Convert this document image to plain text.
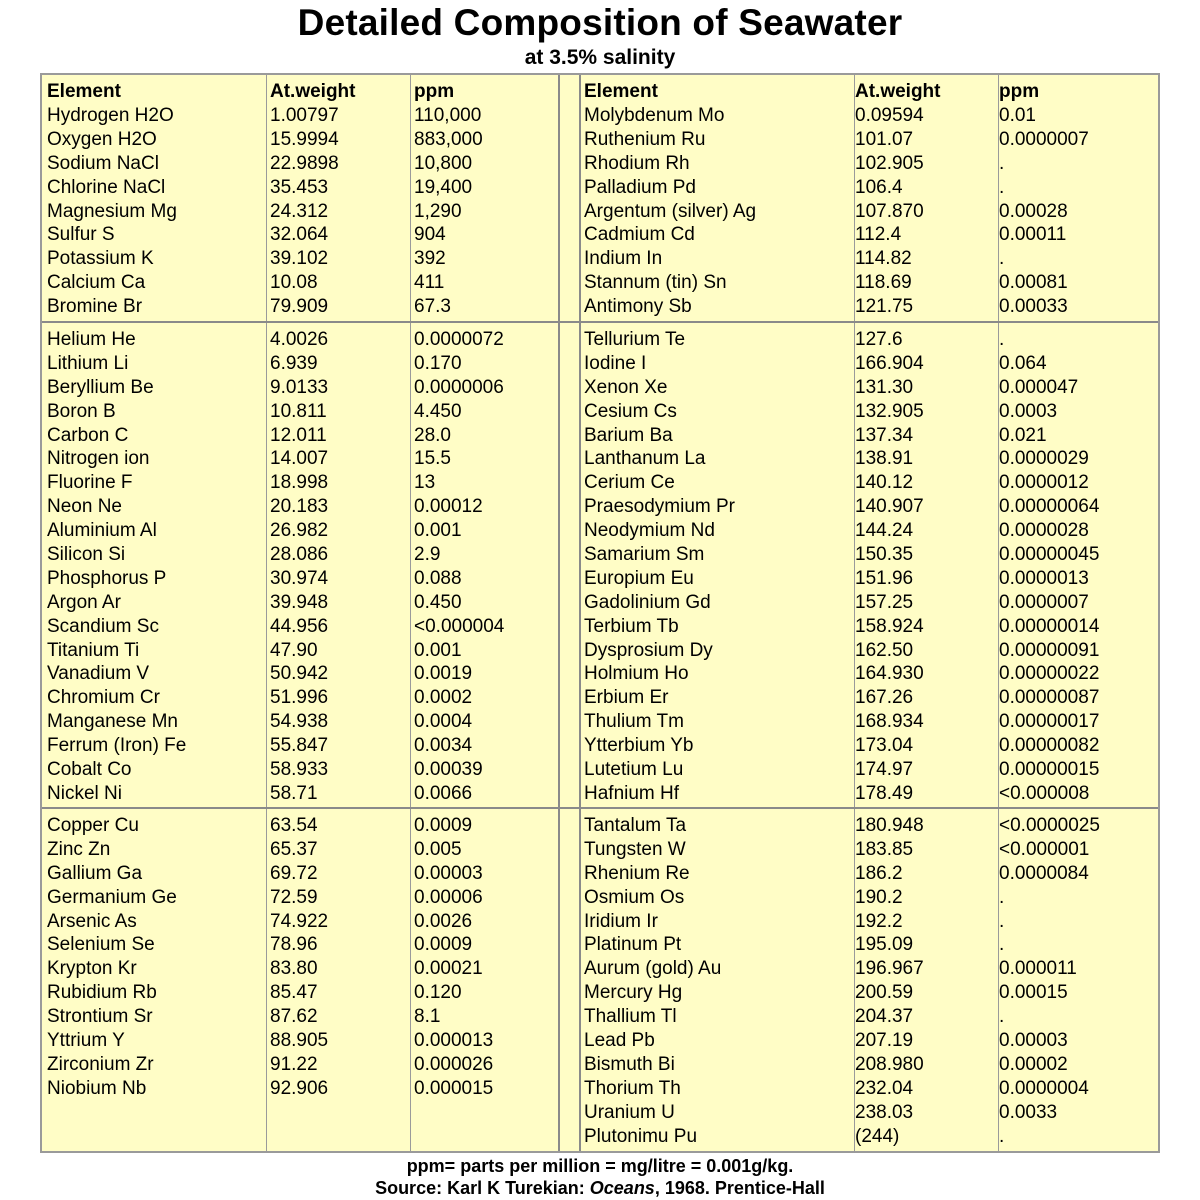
Detailed Composition of Seawater
at 3.5% salinity
Element	At.weight	ppm
Hydrogen H2O	1.00797	110,000
Oxygen H2O	15.9994	883,000
Sodium NaCl	22.9898	10,800
Chlorine NaCl	35.453	19,400
Magnesium Mg	24.312	1,290
Sulfur S	32.064	904
Potassium K	39.102	392
Calcium Ca	10.08	411
Bromine Br	79.909	67.3
Helium He	4.0026	0.0000072
Lithium Li	6.939	0.170
Beryllium Be	9.0133	0.0000006
Boron B	10.811	4.450
Carbon C	12.011	28.0
Nitrogen ion	14.007	15.5
Fluorine F	18.998	13
Neon Ne	20.183	0.00012
Aluminium Al	26.982	0.001
Silicon Si	28.086	2.9
Phosphorus P	30.974	0.088
Argon Ar	39.948	0.450
Scandium Sc	44.956	<0.000004
Titanium Ti	47.90	0.001
Vanadium V	50.942	0.0019
Chromium Cr	51.996	0.0002
Manganese Mn	54.938	0.0004
Ferrum (Iron) Fe	55.847	0.0034
Cobalt Co	58.933	0.00039
Nickel Ni	58.71	0.0066
Copper Cu	63.54	0.0009
Zinc Zn	65.37	0.005
Gallium Ga	69.72	0.00003
Germanium Ge	72.59	0.00006
Arsenic As	74.922	0.0026
Selenium Se	78.96	0.0009
Krypton Kr	83.80	0.00021
Rubidium Rb	85.47	0.120
Strontium Sr	87.62	8.1
Yttrium Y	88.905	0.000013
Zirconium Zr	91.22	0.000026
Niobium Nb	92.906	0.000015
Element	At.weight	ppm
Molybdenum Mo	0.09594	0.01
Ruthenium Ru	101.07	0.0000007
Rhodium Rh	102.905	.
Palladium Pd	106.4	.
Argentum (silver) Ag	107.870	0.00028
Cadmium Cd	112.4	0.00011
Indium In	114.82	.
Stannum (tin) Sn	118.69	0.00081
Antimony Sb	121.75	0.00033
Tellurium Te	127.6	.
Iodine I	166.904	0.064
Xenon Xe	131.30	0.000047
Cesium Cs	132.905	0.0003
Barium Ba	137.34	0.021
Lanthanum La	138.91	0.0000029
Cerium Ce	140.12	0.0000012
Praesodymium Pr	140.907	0.00000064
Neodymium Nd	144.24	0.0000028
Samarium Sm	150.35	0.00000045
Europium Eu	151.96	0.0000013
Gadolinium Gd	157.25	0.0000007
Terbium Tb	158.924	0.00000014
Dysprosium Dy	162.50	0.00000091
Holmium Ho	164.930	0.00000022
Erbium Er	167.26	0.00000087
Thulium Tm	168.934	0.00000017
Ytterbium Yb	173.04	0.00000082
Lutetium Lu	174.97	0.00000015
Hafnium Hf	178.49	<0.000008
Tantalum Ta	180.948	<0.0000025
Tungsten W	183.85	<0.000001
Rhenium Re	186.2	0.0000084
Osmium Os	190.2	.
Iridium Ir	192.2	.
Platinum Pt	195.09	.
Aurum (gold) Au	196.967	0.000011
Mercury Hg	200.59	0.00015
Thallium Tl	204.37	.
Lead Pb	207.19	0.00003
Bismuth Bi	208.980	0.00002
Thorium Th	232.04	0.0000004
Uranium U	238.03	0.0033
Plutonimu Pu	(244)	.
ppm= parts per million = mg/litre = 0.001g/kg.
Source: Karl K Turekian: Oceans, 1968. Prentice-Hall
